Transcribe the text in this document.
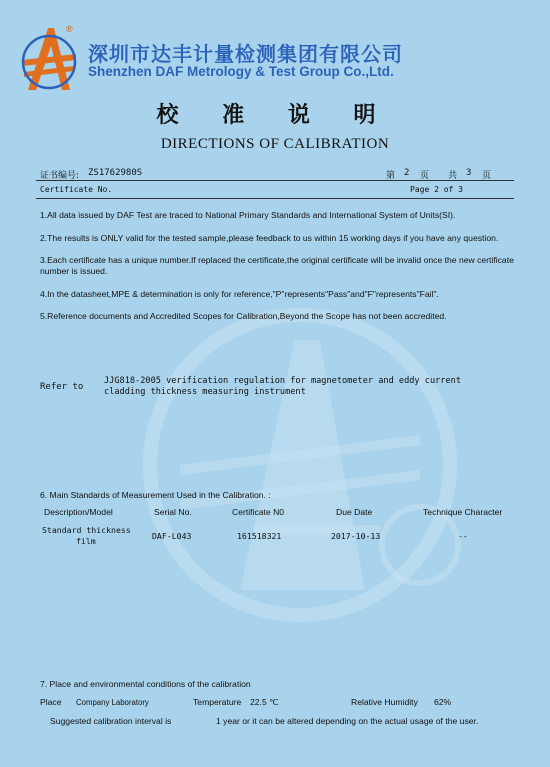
®
深圳市达丰计量检测集团有限公司
Shenzhen DAF Metrology & Test Group Co.,Ltd.
校 准 说 明
DIRECTIONS OF CALIBRATION
证书编号: ZS1762980S	第 2 页 共 3 页
Certificate No.	Page 2 of 3

1.All data issued by DAF Test are traced to National Primary Standards and International System of Units(SI).

2.The results is ONLY valid for the tested sample,please feedback to us within 15 working days if you have any question.

3.Each certificate has a unique number.If replaced the certificate,the original certificate will be invalid once the new certificate number is issued.

4.In the datasheet,MPE & determination is only for reference,"P"represents"Pass"and"F"represents"Fail".

5.Reference documents and Accredited Scopes for Calibration,Beyond the Scope has not been accredited.

Refer to
JJG818-2005 verification regulation for magnetometer and eddy current cladding thickness measuring instrument
6. Main Standards of Measurement Used in the Calibration. :
Description/Model	Serial No.	Certificate N0	Due Date	Technique Character
Standard thickness
film	DAF-L043	161518321	2017-10-13	--
7. Place and environmental conditions of the calibration
Place Company Laboratory	Temperature 22.5 ℃	Relative Humidity 62%
Suggested calibration interval is	1 year or it can be altered depending on the actual usage of the user.
